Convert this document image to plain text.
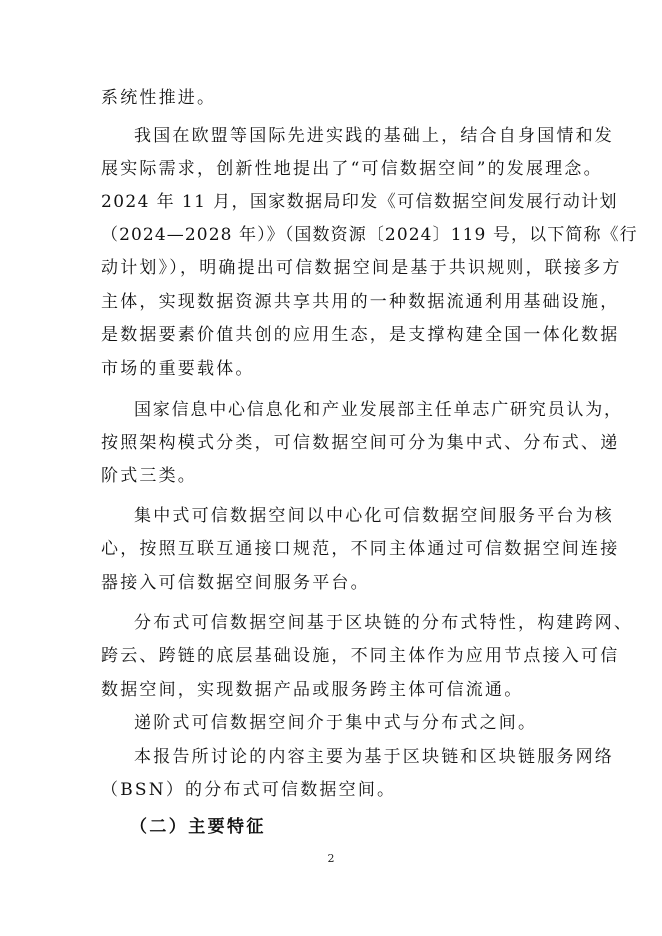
系统性推进。
我国在欧盟等国际先进实践的基础上，结合自身国情和发
展实际需求，创新性地提出了“可信数据空间”的发展理念。
2024 年 11 月，国家数据局印发《可信数据空间发展行动计划
（2024—2028 年）》（国数资源〔2024〕119 号，以下简称《行
动计划》），明确提出可信数据空间是基于共识规则，联接多方
主体，实现数据资源共享共用的一种数据流通利用基础设施，
是数据要素价值共创的应用生态，是支撑构建全国一体化数据
市场的重要载体。
国家信息中心信息化和产业发展部主任单志广研究员认为，
按照架构模式分类，可信数据空间可分为集中式、分布式、递
阶式三类。
集中式可信数据空间以中心化可信数据空间服务平台为核
心，按照互联互通接口规范，不同主体通过可信数据空间连接
器接入可信数据空间服务平台。
分布式可信数据空间基于区块链的分布式特性，构建跨网、
跨云、跨链的底层基础设施，不同主体作为应用节点接入可信
数据空间，实现数据产品或服务跨主体可信流通。
递阶式可信数据空间介于集中式与分布式之间。
本报告所讨论的内容主要为基于区块链和区块链服务网络
（BSN）的分布式可信数据空间。
（二）主要特征
2
